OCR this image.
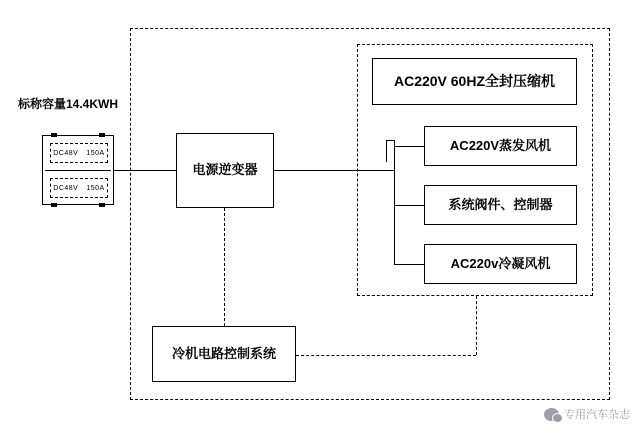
标称容量14.4KWH
DC48V 150A
DC48V 150A
电源逆变器
AC220V 60HZ全封压缩机
AC220V蒸发风机
系统阀件、控制器
AC220v冷凝风机
冷机电路控制系统
专用汽车杂志
